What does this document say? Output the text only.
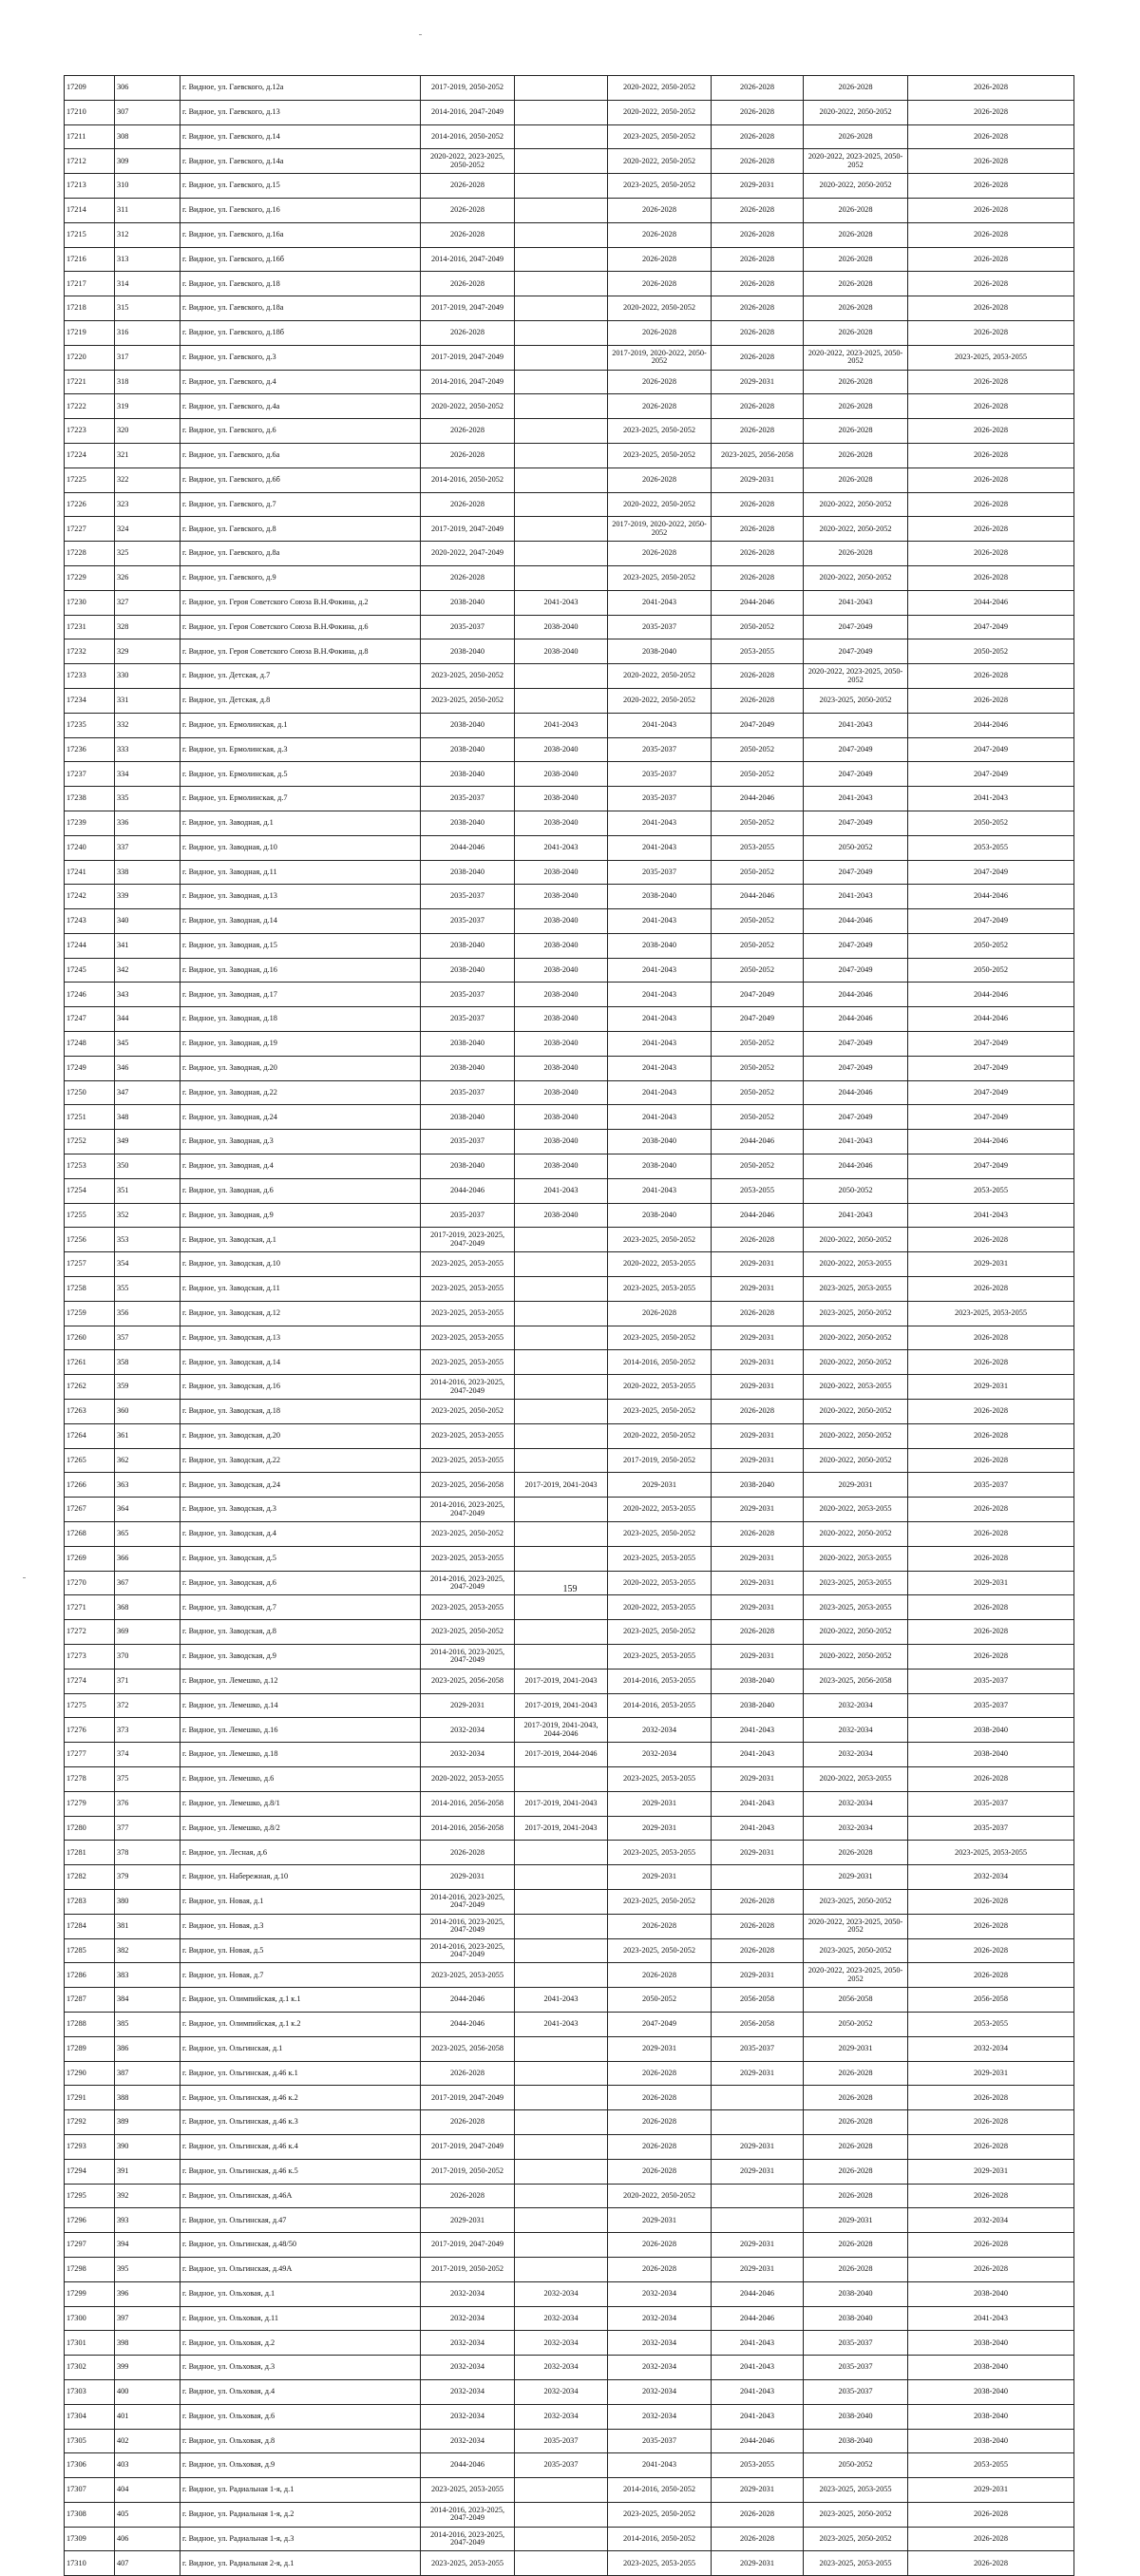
17209	306	г. Видное, ул. Гаевского, д.12а	2017-2019, 2050-2052		2020-2022, 2050-2052	2026-2028	2026-2028	2026-2028
17210	307	г. Видное, ул. Гаевского, д.13	2014-2016, 2047-2049		2020-2022, 2050-2052	2026-2028	2020-2022, 2050-2052	2026-2028
17211	308	г. Видное, ул. Гаевского, д.14	2014-2016, 2050-2052		2023-2025, 2050-2052	2026-2028	2026-2028	2026-2028
17212	309	г. Видное, ул. Гаевского, д.14а	2020-2022, 2023-2025, 2050-2052		2020-2022, 2050-2052	2026-2028	2020-2022, 2023-2025, 2050-2052	2026-2028
17213	310	г. Видное, ул. Гаевского, д.15	2026-2028		2023-2025, 2050-2052	2029-2031	2020-2022, 2050-2052	2026-2028
17214	311	г. Видное, ул. Гаевского, д.16	2026-2028		2026-2028	2026-2028	2026-2028	2026-2028
17215	312	г. Видное, ул. Гаевского, д.16а	2026-2028		2026-2028	2026-2028	2026-2028	2026-2028
17216	313	г. Видное, ул. Гаевского, д.16б	2014-2016, 2047-2049		2026-2028	2026-2028	2026-2028	2026-2028
17217	314	г. Видное, ул. Гаевского, д.18	2026-2028		2026-2028	2026-2028	2026-2028	2026-2028
17218	315	г. Видное, ул. Гаевского, д.18а	2017-2019, 2047-2049		2020-2022, 2050-2052	2026-2028	2026-2028	2026-2028
17219	316	г. Видное, ул. Гаевского, д.18б	2026-2028		2026-2028	2026-2028	2026-2028	2026-2028
17220	317	г. Видное, ул. Гаевского, д.3	2017-2019, 2047-2049		2017-2019, 2020-2022, 2050-2052	2026-2028	2020-2022, 2023-2025, 2050-2052	2023-2025, 2053-2055
17221	318	г. Видное, ул. Гаевского, д.4	2014-2016, 2047-2049		2026-2028	2029-2031	2026-2028	2026-2028
17222	319	г. Видное, ул. Гаевского, д.4а	2020-2022, 2050-2052		2026-2028	2026-2028	2026-2028	2026-2028
17223	320	г. Видное, ул. Гаевского, д.6	2026-2028		2023-2025, 2050-2052	2026-2028	2026-2028	2026-2028
17224	321	г. Видное, ул. Гаевского, д.6а	2026-2028		2023-2025, 2050-2052	2023-2025, 2056-2058	2026-2028	2026-2028
17225	322	г. Видное, ул. Гаевского, д.6б	2014-2016, 2050-2052		2026-2028	2029-2031	2026-2028	2026-2028
17226	323	г. Видное, ул. Гаевского, д.7	2026-2028		2020-2022, 2050-2052	2026-2028	2020-2022, 2050-2052	2026-2028
17227	324	г. Видное, ул. Гаевского, д.8	2017-2019, 2047-2049		2017-2019, 2020-2022, 2050-2052	2026-2028	2020-2022, 2050-2052	2026-2028
17228	325	г. Видное, ул. Гаевского, д.8а	2020-2022, 2047-2049		2026-2028	2026-2028	2026-2028	2026-2028
17229	326	г. Видное, ул. Гаевского, д.9	2026-2028		2023-2025, 2050-2052	2026-2028	2020-2022, 2050-2052	2026-2028
17230	327	г. Видное, ул. Героя Советского Союза В.Н.Фокина, д.2	2038-2040	2041-2043	2041-2043	2044-2046	2041-2043	2044-2046
17231	328	г. Видное, ул. Героя Советского Союза В.Н.Фокина, д.6	2035-2037	2038-2040	2035-2037	2050-2052	2047-2049	2047-2049
17232	329	г. Видное, ул. Героя Советского Союза В.Н.Фокина, д.8	2038-2040	2038-2040	2038-2040	2053-2055	2047-2049	2050-2052
17233	330	г. Видное, ул. Детская, д.7	2023-2025, 2050-2052		2020-2022, 2050-2052	2026-2028	2020-2022, 2023-2025, 2050-2052	2026-2028
17234	331	г. Видное, ул. Детская, д.8	2023-2025, 2050-2052		2020-2022, 2050-2052	2026-2028	2023-2025, 2050-2052	2026-2028
17235	332	г. Видное, ул. Ермолинская, д.1	2038-2040	2041-2043	2041-2043	2047-2049	2041-2043	2044-2046
17236	333	г. Видное, ул. Ермолинская, д.3	2038-2040	2038-2040	2035-2037	2050-2052	2047-2049	2047-2049
17237	334	г. Видное, ул. Ермолинская, д.5	2038-2040	2038-2040	2035-2037	2050-2052	2047-2049	2047-2049
17238	335	г. Видное, ул. Ермолинская, д.7	2035-2037	2038-2040	2035-2037	2044-2046	2041-2043	2041-2043
17239	336	г. Видное, ул. Заводная, д.1	2038-2040	2038-2040	2041-2043	2050-2052	2047-2049	2050-2052
17240	337	г. Видное, ул. Заводная, д.10	2044-2046	2041-2043	2041-2043	2053-2055	2050-2052	2053-2055
17241	338	г. Видное, ул. Заводная, д.11	2038-2040	2038-2040	2035-2037	2050-2052	2047-2049	2047-2049
17242	339	г. Видное, ул. Заводная, д.13	2035-2037	2038-2040	2038-2040	2044-2046	2041-2043	2044-2046
17243	340	г. Видное, ул. Заводная, д.14	2035-2037	2038-2040	2041-2043	2050-2052	2044-2046	2047-2049
17244	341	г. Видное, ул. Заводная, д.15	2038-2040	2038-2040	2038-2040	2050-2052	2047-2049	2050-2052
17245	342	г. Видное, ул. Заводная, д.16	2038-2040	2038-2040	2041-2043	2050-2052	2047-2049	2050-2052
17246	343	г. Видное, ул. Заводная, д.17	2035-2037	2038-2040	2041-2043	2047-2049	2044-2046	2044-2046
17247	344	г. Видное, ул. Заводная, д.18	2035-2037	2038-2040	2041-2043	2047-2049	2044-2046	2044-2046
17248	345	г. Видное, ул. Заводная, д.19	2038-2040	2038-2040	2041-2043	2050-2052	2047-2049	2047-2049
17249	346	г. Видное, ул. Заводная, д.20	2038-2040	2038-2040	2041-2043	2050-2052	2047-2049	2047-2049
17250	347	г. Видное, ул. Заводная, д.22	2035-2037	2038-2040	2041-2043	2050-2052	2044-2046	2047-2049
17251	348	г. Видное, ул. Заводная, д.24	2038-2040	2038-2040	2041-2043	2050-2052	2047-2049	2047-2049
17252	349	г. Видное, ул. Заводная, д.3	2035-2037	2038-2040	2038-2040	2044-2046	2041-2043	2044-2046
17253	350	г. Видное, ул. Заводная, д.4	2038-2040	2038-2040	2038-2040	2050-2052	2044-2046	2047-2049
17254	351	г. Видное, ул. Заводная, д.6	2044-2046	2041-2043	2041-2043	2053-2055	2050-2052	2053-2055
17255	352	г. Видное, ул. Заводная, д.9	2035-2037	2038-2040	2038-2040	2044-2046	2041-2043	2041-2043
17256	353	г. Видное, ул. Заводская, д.1	2017-2019, 2023-2025, 2047-2049		2023-2025, 2050-2052	2026-2028	2020-2022, 2050-2052	2026-2028
17257	354	г. Видное, ул. Заводская, д.10	2023-2025, 2053-2055		2020-2022, 2053-2055	2029-2031	2020-2022, 2053-2055	2029-2031
17258	355	г. Видное, ул. Заводская, д.11	2023-2025, 2053-2055		2023-2025, 2053-2055	2029-2031	2023-2025, 2053-2055	2026-2028
17259	356	г. Видное, ул. Заводская, д.12	2023-2025, 2053-2055		2026-2028	2026-2028	2023-2025, 2050-2052	2023-2025, 2053-2055
17260	357	г. Видное, ул. Заводская, д.13	2023-2025, 2053-2055		2023-2025, 2050-2052	2029-2031	2020-2022, 2050-2052	2026-2028
17261	358	г. Видное, ул. Заводская, д.14	2023-2025, 2053-2055		2014-2016, 2050-2052	2029-2031	2020-2022, 2050-2052	2026-2028
17262	359	г. Видное, ул. Заводская, д.16	2014-2016, 2023-2025, 2047-2049		2020-2022, 2053-2055	2029-2031	2020-2022, 2053-2055	2029-2031
17263	360	г. Видное, ул. Заводская, д.18	2023-2025, 2050-2052		2023-2025, 2050-2052	2026-2028	2020-2022, 2050-2052	2026-2028
17264	361	г. Видное, ул. Заводская, д.20	2023-2025, 2053-2055		2020-2022, 2050-2052	2029-2031	2020-2022, 2050-2052	2026-2028
17265	362	г. Видное, ул. Заводская, д.22	2023-2025, 2053-2055		2017-2019, 2050-2052	2029-2031	2020-2022, 2050-2052	2026-2028
17266	363	г. Видное, ул. Заводская, д.24	2023-2025, 2056-2058	2017-2019, 2041-2043	2029-2031	2038-2040	2029-2031	2035-2037
17267	364	г. Видное, ул. Заводская, д.3	2014-2016, 2023-2025, 2047-2049		2020-2022, 2053-2055	2029-2031	2020-2022, 2053-2055	2026-2028
17268	365	г. Видное, ул. Заводская, д.4	2023-2025, 2050-2052		2023-2025, 2050-2052	2026-2028	2020-2022, 2050-2052	2026-2028
17269	366	г. Видное, ул. Заводская, д.5	2023-2025, 2053-2055		2023-2025, 2053-2055	2029-2031	2020-2022, 2053-2055	2026-2028
17270	367	г. Видное, ул. Заводская, д.6	2014-2016, 2023-2025, 2047-2049		2020-2022, 2053-2055	2029-2031	2023-2025, 2053-2055	2029-2031
17271	368	г. Видное, ул. Заводская, д.7	2023-2025, 2053-2055		2020-2022, 2053-2055	2029-2031	2023-2025, 2053-2055	2026-2028
17272	369	г. Видное, ул. Заводская, д.8	2023-2025, 2050-2052		2023-2025, 2050-2052	2026-2028	2020-2022, 2050-2052	2026-2028
17273	370	г. Видное, ул. Заводская, д.9	2014-2016, 2023-2025, 2047-2049		2023-2025, 2053-2055	2029-2031	2020-2022, 2050-2052	2026-2028
17274	371	г. Видное, ул. Лемешко, д.12	2023-2025, 2056-2058	2017-2019, 2041-2043	2014-2016, 2053-2055	2038-2040	2023-2025, 2056-2058	2035-2037
17275	372	г. Видное, ул. Лемешко, д.14	2029-2031	2017-2019, 2041-2043	2014-2016, 2053-2055	2038-2040	2032-2034	2035-2037
17276	373	г. Видное, ул. Лемешко, д.16	2032-2034	2017-2019, 2041-2043, 2044-2046	2032-2034	2041-2043	2032-2034	2038-2040
17277	374	г. Видное, ул. Лемешко, д.18	2032-2034	2017-2019, 2044-2046	2032-2034	2041-2043	2032-2034	2038-2040
17278	375	г. Видное, ул. Лемешко, д.6	2020-2022, 2053-2055		2023-2025, 2053-2055	2029-2031	2020-2022, 2053-2055	2026-2028
17279	376	г. Видное, ул. Лемешко, д.8/1	2014-2016, 2056-2058	2017-2019, 2041-2043	2029-2031	2041-2043	2032-2034	2035-2037
17280	377	г. Видное, ул. Лемешко, д.8/2	2014-2016, 2056-2058	2017-2019, 2041-2043	2029-2031	2041-2043	2032-2034	2035-2037
17281	378	г. Видное, ул. Лесная, д.6	2026-2028		2023-2025, 2053-2055	2029-2031	2026-2028	2023-2025, 2053-2055
17282	379	г. Видное, ул. Набережная, д.10	2029-2031		2029-2031		2029-2031	2032-2034
17283	380	г. Видное, ул. Новая, д.1	2014-2016, 2023-2025, 2047-2049		2023-2025, 2050-2052	2026-2028	2023-2025, 2050-2052	2026-2028
17284	381	г. Видное, ул. Новая, д.3	2014-2016, 2023-2025, 2047-2049		2026-2028	2026-2028	2020-2022, 2023-2025, 2050-2052	2026-2028
17285	382	г. Видное, ул. Новая, д.5	2014-2016, 2023-2025, 2047-2049		2023-2025, 2050-2052	2026-2028	2023-2025, 2050-2052	2026-2028
17286	383	г. Видное, ул. Новая, д.7	2023-2025, 2053-2055		2026-2028	2029-2031	2020-2022, 2023-2025, 2050-2052	2026-2028
17287	384	г. Видное, ул. Олимпийская, д.1 к.1	2044-2046	2041-2043	2050-2052	2056-2058	2056-2058	2056-2058
17288	385	г. Видное, ул. Олимпийская, д.1 к.2	2044-2046	2041-2043	2047-2049	2056-2058	2050-2052	2053-2055
17289	386	г. Видное, ул. Ольгинская, д.1	2023-2025, 2056-2058		2029-2031	2035-2037	2029-2031	2032-2034
17290	387	г. Видное, ул. Ольгинская, д.46 к.1	2026-2028		2026-2028	2029-2031	2026-2028	2029-2031
17291	388	г. Видное, ул. Ольгинская, д.46 к.2	2017-2019, 2047-2049		2026-2028		2026-2028	2026-2028
17292	389	г. Видное, ул. Ольгинская, д.46 к.3	2026-2028		2026-2028		2026-2028	2026-2028
17293	390	г. Видное, ул. Ольгинская, д.46 к.4	2017-2019, 2047-2049		2026-2028	2029-2031	2026-2028	2026-2028
17294	391	г. Видное, ул. Ольгинская, д.46 к.5	2017-2019, 2050-2052		2026-2028	2029-2031	2026-2028	2029-2031
17295	392	г. Видное, ул. Ольгинская, д.46А	2026-2028		2020-2022, 2050-2052		2026-2028	2026-2028
17296	393	г. Видное, ул. Ольгинская, д.47	2029-2031		2029-2031		2029-2031	2032-2034
17297	394	г. Видное, ул. Ольгинская, д.48/50	2017-2019, 2047-2049		2026-2028	2029-2031	2026-2028	2026-2028
17298	395	г. Видное, ул. Ольгинская, д.49А	2017-2019, 2050-2052		2026-2028	2029-2031	2026-2028	2026-2028
17299	396	г. Видное, ул. Ольховая, д.1	2032-2034	2032-2034	2032-2034	2044-2046	2038-2040	2038-2040
17300	397	г. Видное, ул. Ольховая, д.11	2032-2034	2032-2034	2032-2034	2044-2046	2038-2040	2041-2043
17301	398	г. Видное, ул. Ольховая, д.2	2032-2034	2032-2034	2032-2034	2041-2043	2035-2037	2038-2040
17302	399	г. Видное, ул. Ольховая, д.3	2032-2034	2032-2034	2032-2034	2041-2043	2035-2037	2038-2040
17303	400	г. Видное, ул. Ольховая, д.4	2032-2034	2032-2034	2032-2034	2041-2043	2035-2037	2038-2040
17304	401	г. Видное, ул. Ольховая, д.6	2032-2034	2032-2034	2032-2034	2041-2043	2038-2040	2038-2040
17305	402	г. Видное, ул. Ольховая, д.8	2032-2034	2035-2037	2035-2037	2044-2046	2038-2040	2038-2040
17306	403	г. Видное, ул. Ольховая, д.9	2044-2046	2035-2037	2041-2043	2053-2055	2050-2052	2053-2055
17307	404	г. Видное, ул. Радиальная 1-я, д.1	2023-2025, 2053-2055		2014-2016, 2050-2052	2029-2031	2023-2025, 2053-2055	2029-2031
17308	405	г. Видное, ул. Радиальная 1-я, д.2	2014-2016, 2023-2025, 2047-2049		2023-2025, 2050-2052	2026-2028	2023-2025, 2050-2052	2026-2028
17309	406	г. Видное, ул. Радиальная 1-я, д.3	2014-2016, 2023-2025, 2047-2049		2014-2016, 2050-2052	2026-2028	2023-2025, 2050-2052	2026-2028
17310	407	г. Видное, ул. Радиальная 2-я, д.1	2023-2025, 2053-2055		2023-2025, 2053-2055	2029-2031	2023-2025, 2053-2055	2026-2028
159
